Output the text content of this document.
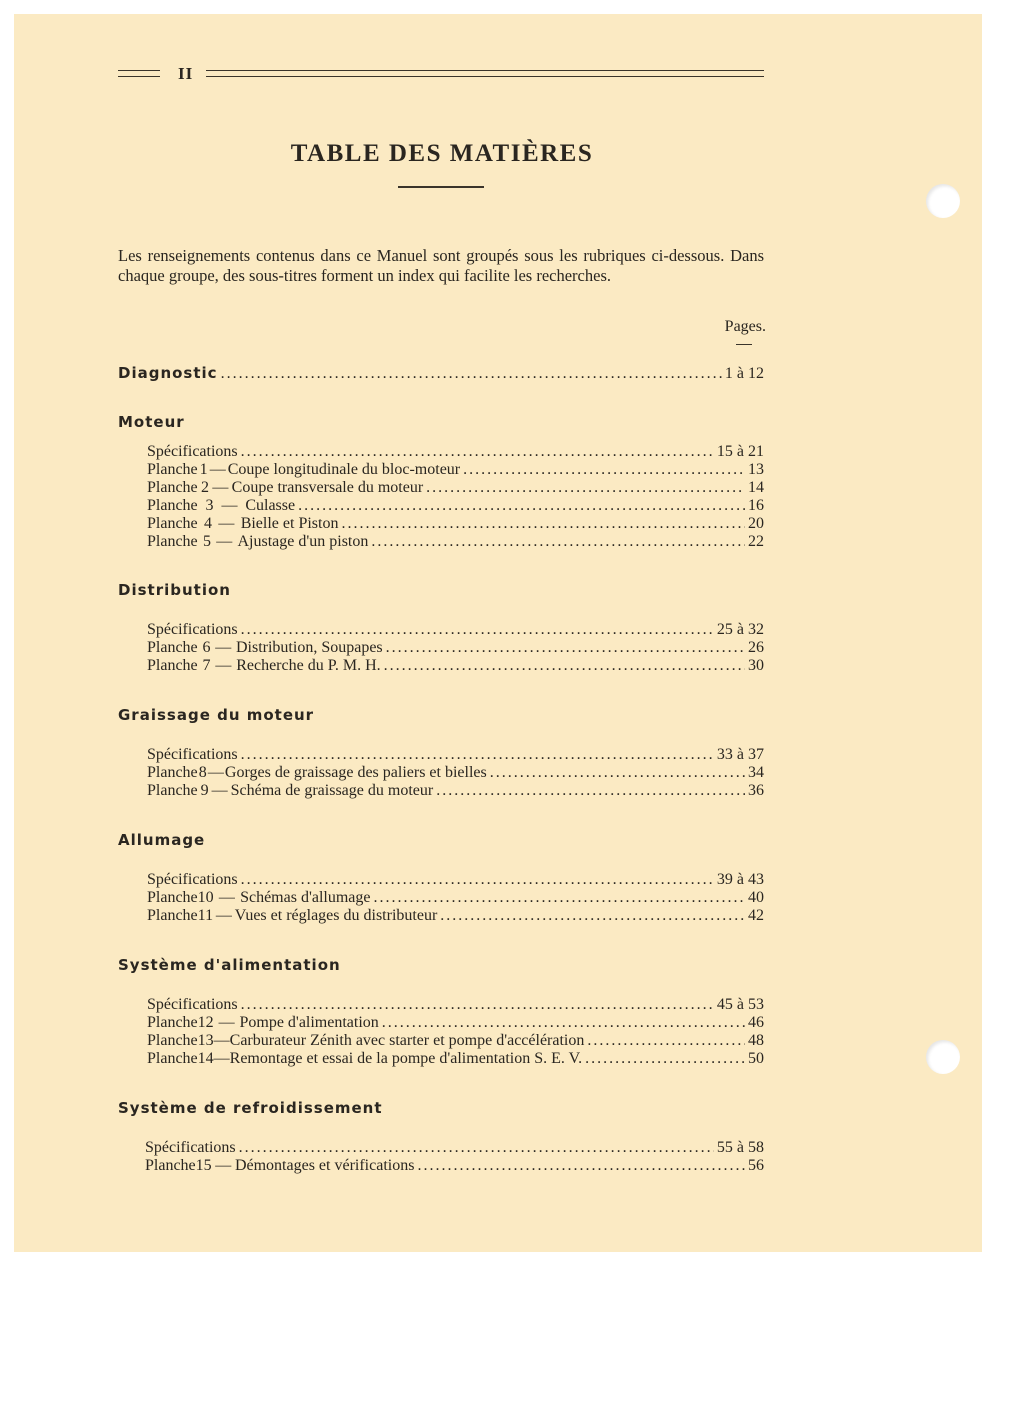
II
TABLE DES MATIÈRES
Les renseignements contenus dans ce Manuel sont groupés sous les rubriques ci-dessous. Dans chaque groupe, des sous-titres forment un index qui facilite les recherches.
Pages.
Diagnostic . . .	1 à 12
Moteur
Spécifications . . .	15 à 21
Planche 1 — Coupe longitudinale du bloc-moteur . . .	13
Planche 2 — Coupe transversale du moteur . . .	14
Planche 3 — Culasse . . .	16
Planche 4 — Bielle et Piston . . .	20
Planche 5 — Ajustage d'un piston . . .	22
Distribution
Spécifications . . .	25 à 32
Planche 6 — Distribution, Soupapes . . .	26
Planche 7 — Recherche du P. M. H. . . .	30
Graissage du moteur
Spécifications . . .	33 à 37
Planche 8 — Gorges de graissage des paliers et bielles . . .	34
Planche 9 — Schéma de graissage du moteur . . .	36
Allumage
Spécifications . . .	39 à 43
Planche 10 — Schémas d'allumage . . .	40
Planche 11 — Vues et réglages du distributeur . . .	42
Système d'alimentation
Spécifications . . .	45 à 53
Planche 12 — Pompe d'alimentation . . .	46
Planche 13 — Carburateur Zénith avec starter et pompe d'accélération . . .	48
Planche 14 — Remontage et essai de la pompe d'alimentation S. E. V. . . .	50
Système de refroidissement
Spécifications . . .	55 à 58
Planche 15 — Démontages et vérifications . . .	56
